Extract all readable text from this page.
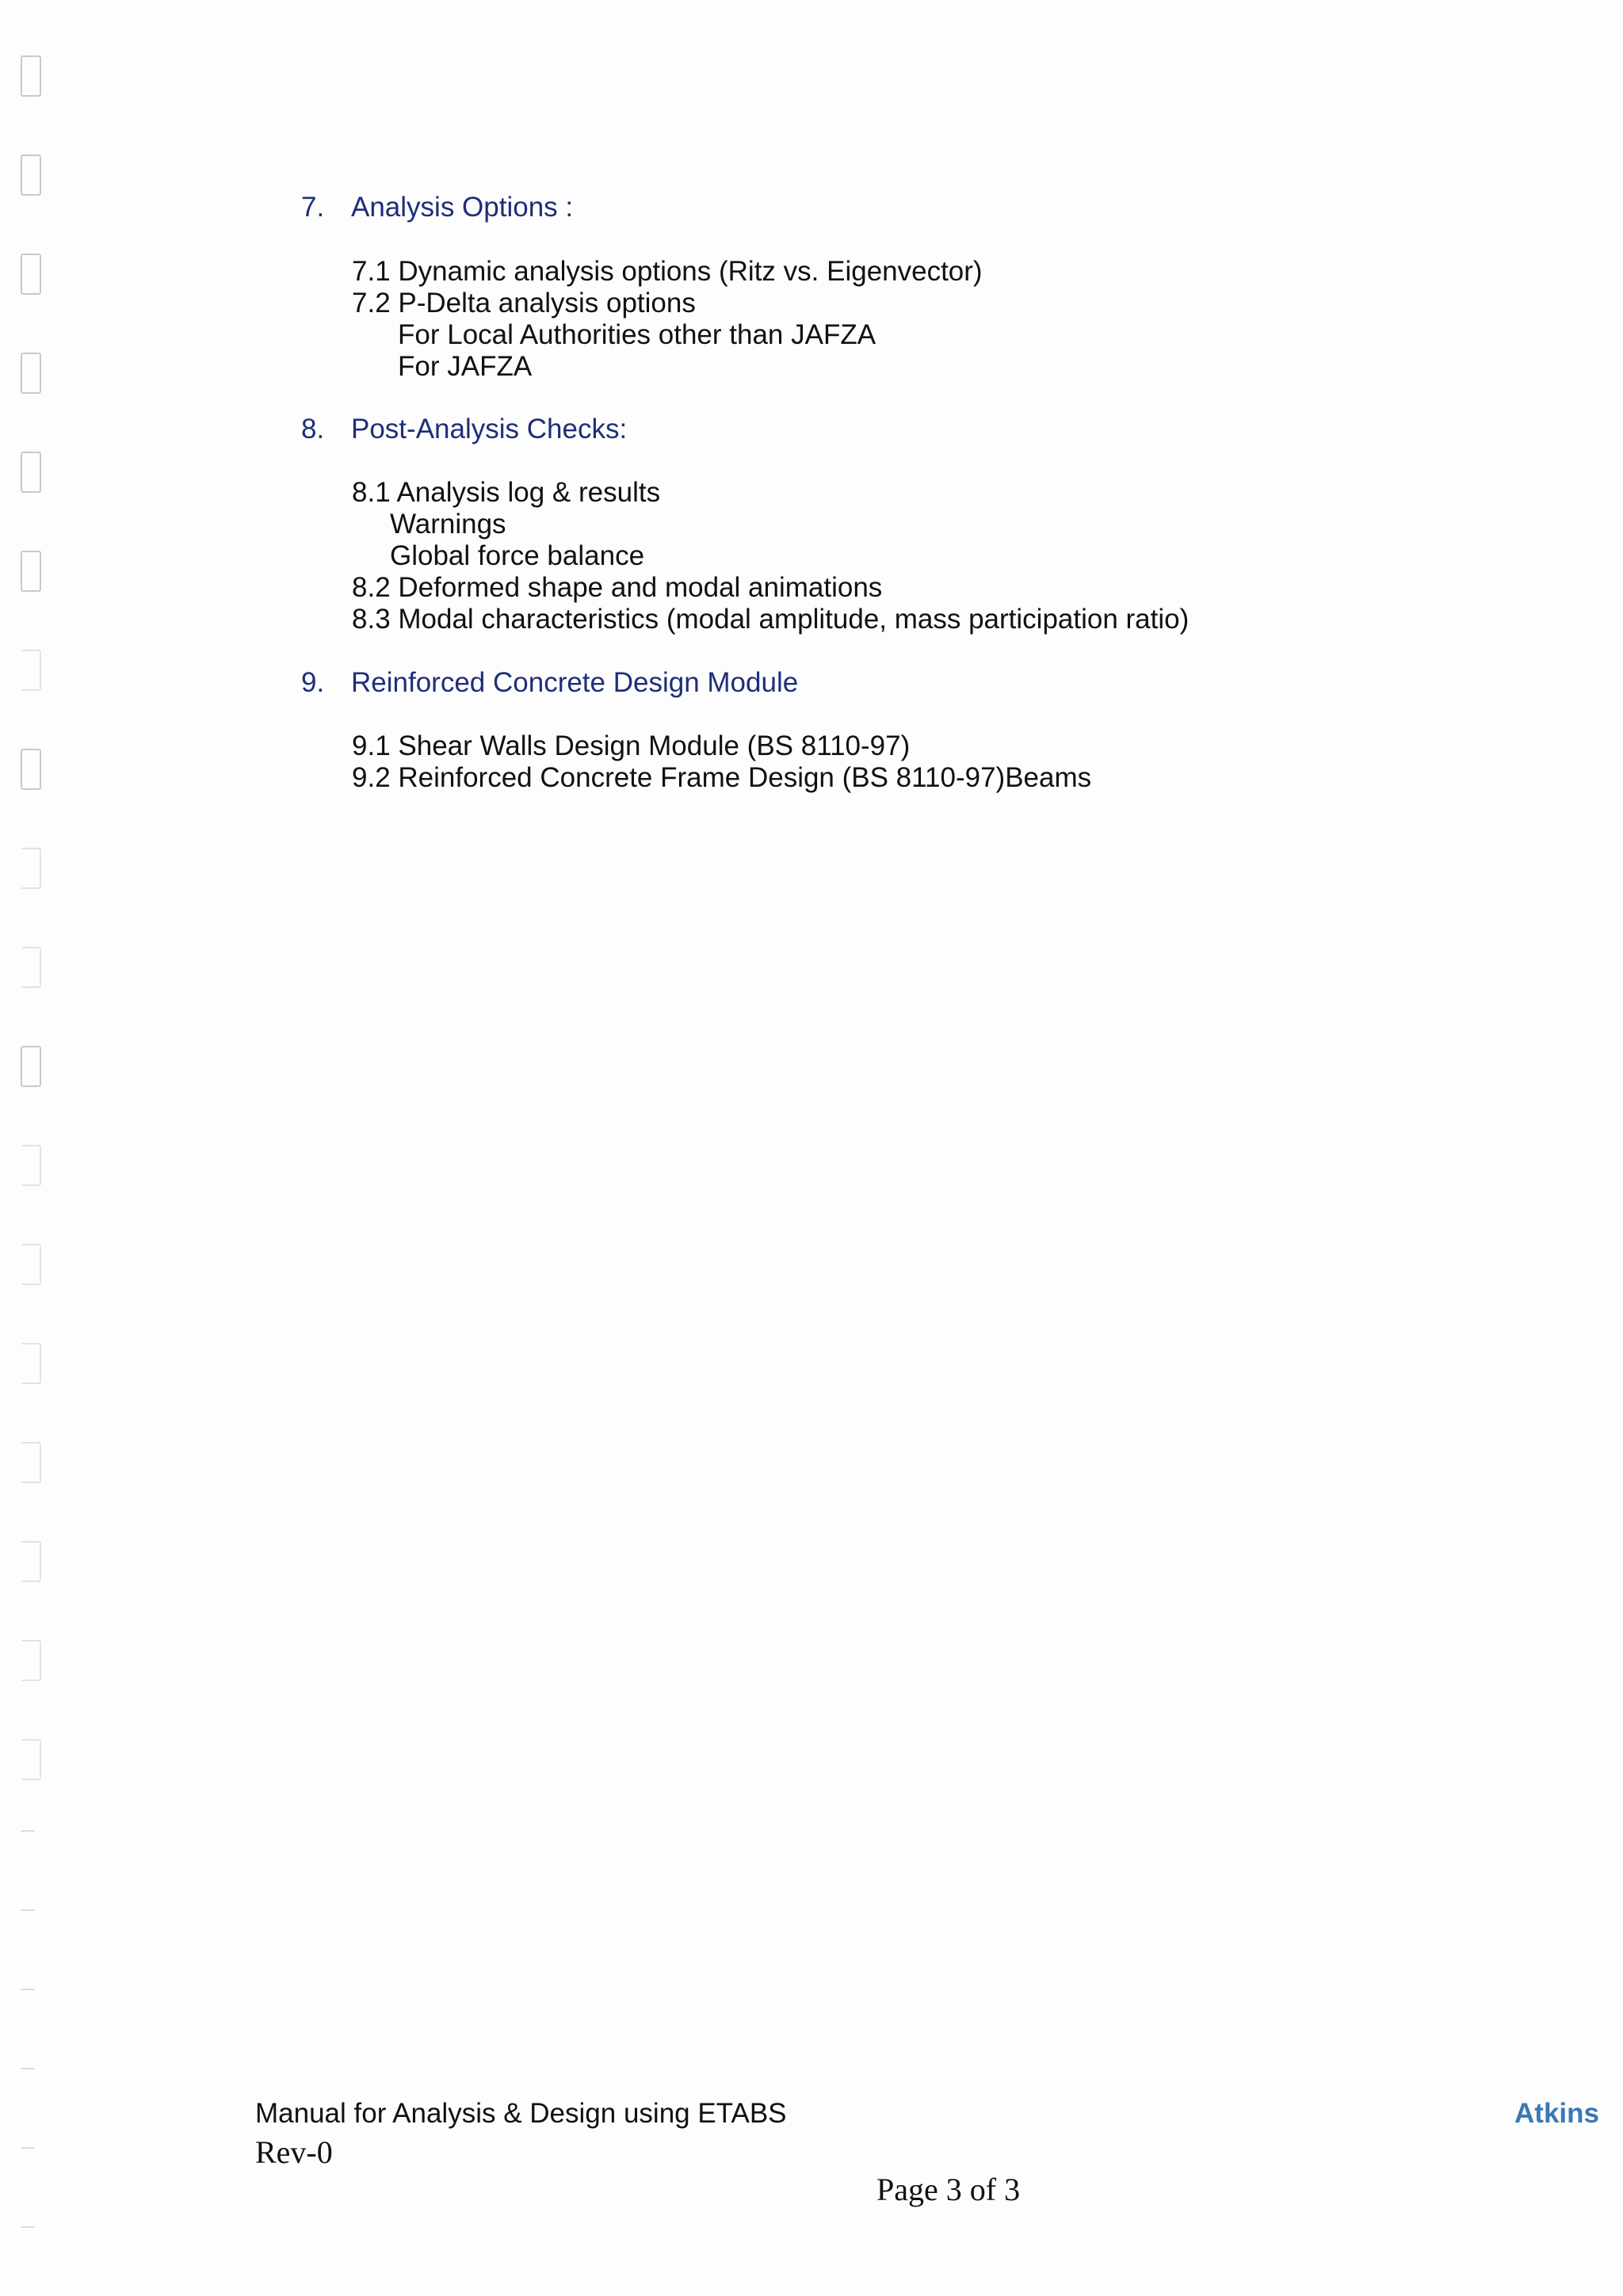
7. Analysis Options :
7.1 Dynamic analysis options (Ritz vs. Eigenvector)
7.2 P-Delta analysis options
For Local Authorities other than JAFZA
For JAFZA
8. Post-Analysis Checks:
8.1 Analysis log & results
Warnings
Global force balance
8.2 Deformed shape and modal animations
8.3 Modal characteristics (modal amplitude, mass participation ratio)
9. Reinforced Concrete Design Module
9.1 Shear Walls Design Module (BS 8110-97)
9.2 Reinforced Concrete Frame Design (BS 8110-97)Beams
Manual for Analysis & Design using ETABS
Rev-0
Atkins
Page 3 of 3
